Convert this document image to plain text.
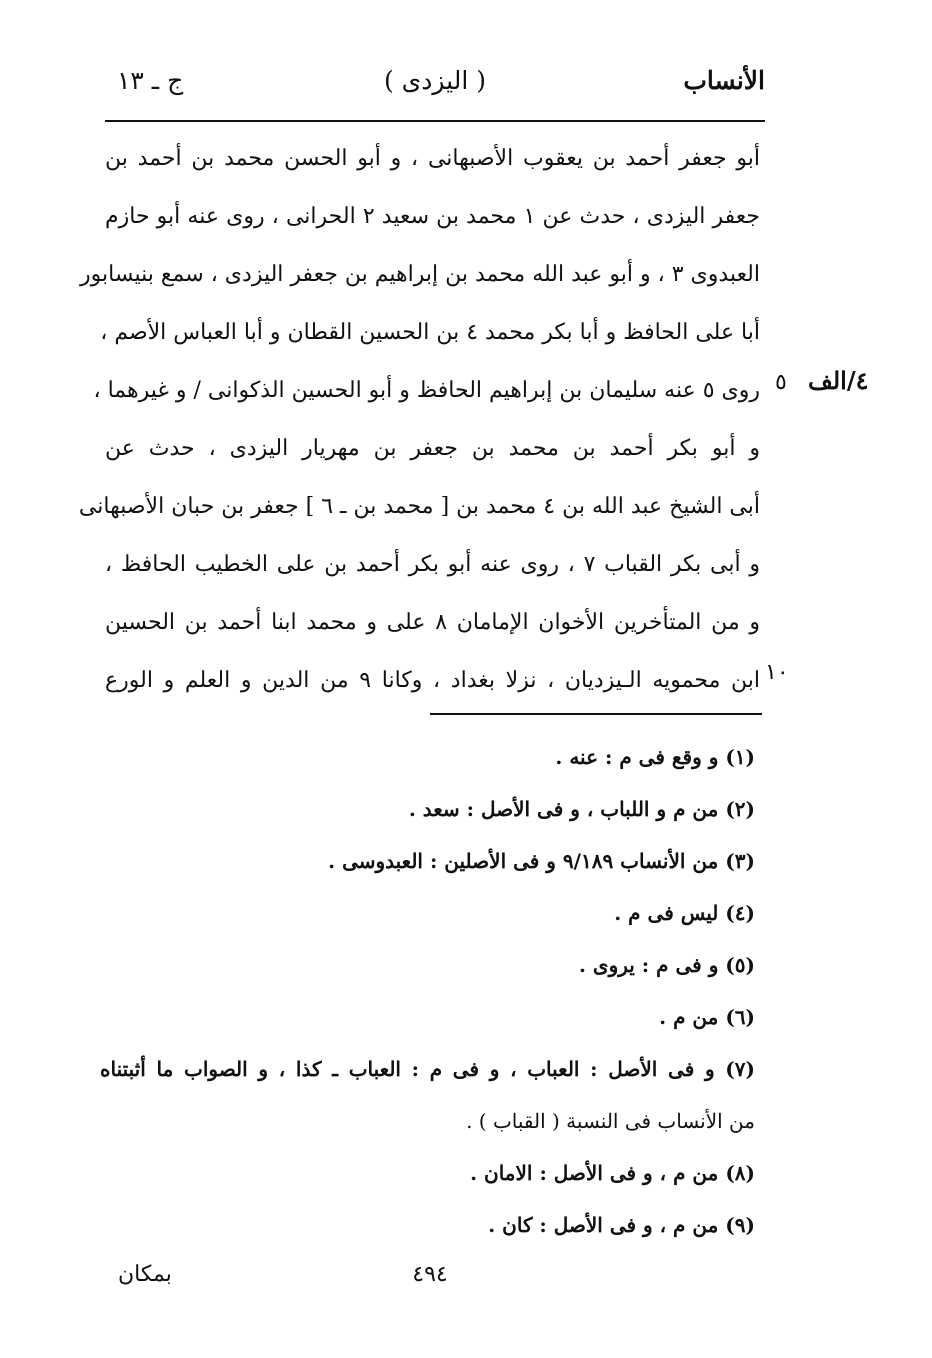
الأنساب
( اليزدى )
ج ـ ١٣
أبو جعفر أحمد بن يعقوب الأصبهانى ، و أبو الحسن محمد بن أحمد بن
جعفر اليزدى ، حدث عن ١ محمد بن سعيد ٢ الحرانى ، روى عنه أبو حازم
العبدوى ٣ ، و أبو عبد الله محمد بن إبراهيم بن جعفر اليزدى ، سمع بنيسابور
أبا على الحافظ و أبا بكر محمد ٤ بن الحسين القطان و أبا العباس الأصم ،
روى ٥ عنه سليمان بن إبراهيم الحافظ و أبو الحسين الذكوانى / و غيرهما ،
و أبو بكر أحمد بن محمد بن جعفر بن مهريار اليزدى ، حدث عن
أبى الشيخ عبد الله بن ٤ محمد بن [ محمد بن ـ ٦ ] جعفر بن حبان الأصبهانى
و أبى بكر القباب ٧ ، روى عنه أبو بكر أحمد بن على الخطيب الحافظ ،
و من المتأخرين الأخوان الإمامان ٨ على و محمد ابنا أحمد بن الحسين
ابن محمويه الـيزديان ، نزلا بغداد ، وكانا ٩ من الدين و العلم و الورع
٤/الف
٥
١٠
(١) و وقع فى م : عنه .
(٢) من م و اللباب ، و فى الأصل : سعد .
(٣) من الأنساب ٩/١٨٩ و فى الأصلين : العبدوسى .
(٤) ليس فى م .
(٥) و فى م : يروى .
(٦) من م .
(٧) و فى الأصل : العباب ، و فى م : العباب ـ كذا ، و الصواب ما أثبتناه
من الأنساب فى النسبة ( القباب ) .
(٨) من م ، و فى الأصل : الامان .
(٩) من م ، و فى الأصل : كان .
٤٩٤
بمكان
